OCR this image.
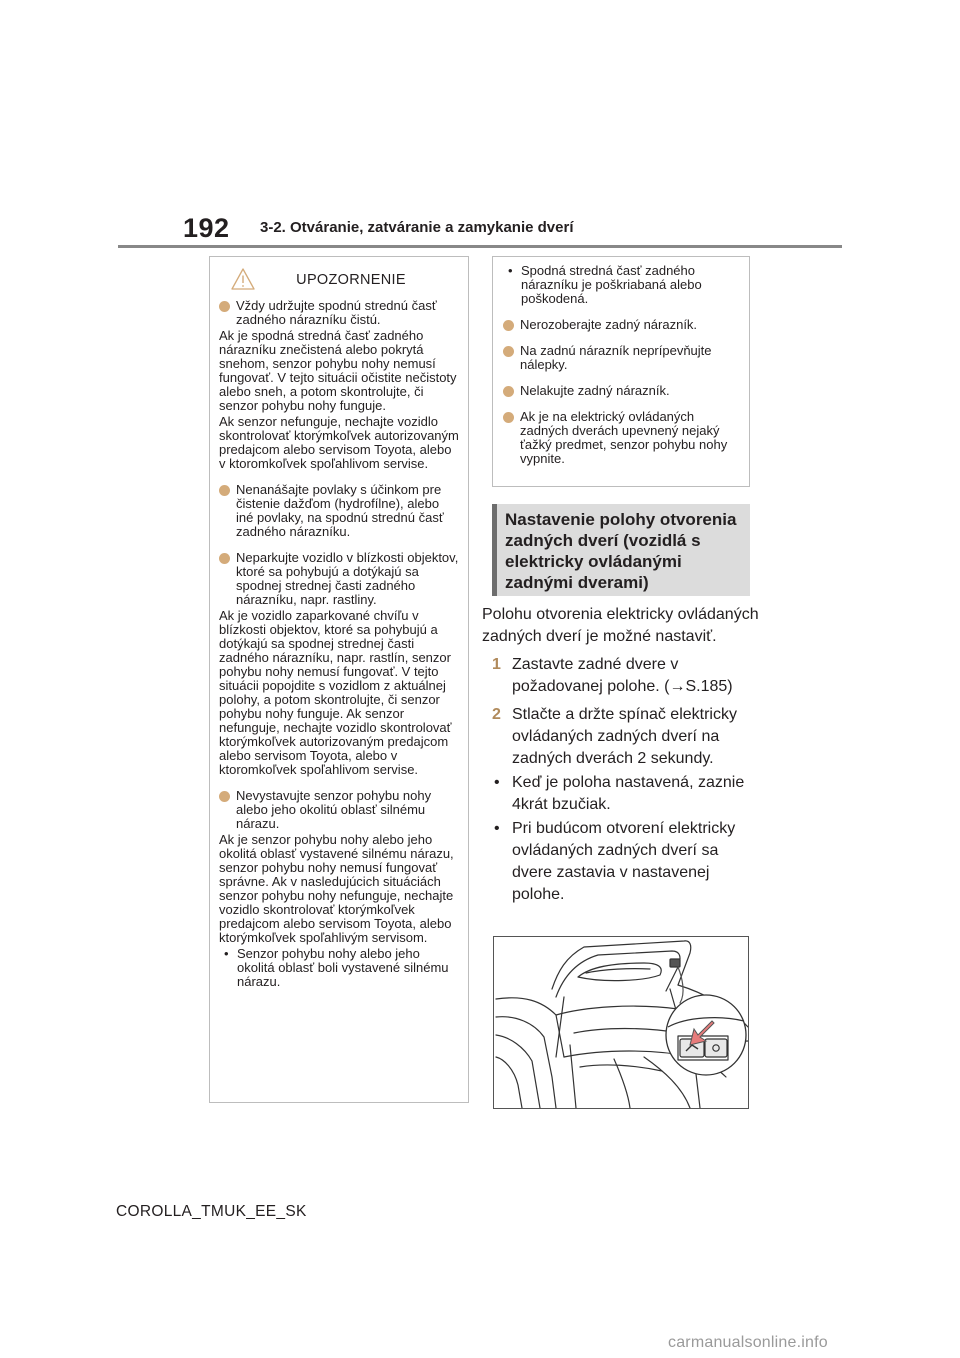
192 3-2. Otváranie, zatváranie a zamykanie dverí
UPOZORNENIE
Vždy udržujte spodnú strednú časť zadného nárazníku čistú.
Ak je spodná stredná časť zadného nárazníku znečistená alebo pokrytá snehom, senzor pohybu nohy nemusí fungovať. V tejto situácii očistite nečistoty alebo sneh, a potom skontrolujte, či senzor pohybu nohy funguje.
Ak senzor nefunguje, nechajte vozidlo skontrolovať ktorýmkoľvek autorizovaným predajcom alebo servisom Toyota, alebo v ktoromkoľvek spoľahlivom servise.
Nenanášajte povlaky s účinkom pre čistenie dažďom (hydrofílne), alebo iné povlaky, na spodnú strednú časť zadného nárazníku.
Neparkujte vozidlo v blízkosti objektov, ktoré sa pohybujú a dotýkajú sa spodnej strednej časti zadného nárazníku, napr. rastliny.
Ak je vozidlo zaparkované chvíľu v blízkosti objektov, ktoré sa pohybujú a dotýkajú sa spodnej strednej časti zadného nárazníku, napr. rastlín, senzor pohybu nohy nemusí fungovať. V tejto situácii popojdite s vozidlom z aktuálnej polohy, a potom skontrolujte, či senzor pohybu nohy funguje. Ak senzor nefunguje, nechajte vozidlo skontrolovať ktorýmkoľvek autorizovaným predajcom alebo servisom Toyota, alebo v ktoromkoľvek spoľahlivom servise.
Nevystavujte senzor pohybu nohy alebo jeho okolitú oblasť silnému nárazu.
Ak je senzor pohybu nohy alebo jeho okolitá oblasť vystavené silnému nárazu, senzor pohybu nohy nemusí fungovať správne. Ak v nasledujúcich situáciách senzor pohybu nohy nefunguje, nechajte vozidlo skontrolovať ktorýmkoľvek predajcom alebo servisom Toyota, alebo ktorýmkoľvek spoľahlivým servisom.
• Senzor pohybu nohy alebo jeho okolitá oblasť boli vystavené silnému nárazu.
• Spodná stredná časť zadného nárazníku je poškriabaná alebo poškodená.
Nerozoberajte zadný nárazník.
Na zadnú nárazník neprípevňujte nálepky.
Nelakujte zadný nárazník.
Ak je na elektrický ovládaných zadných dverách upevnený nejaký ťažký predmet, senzor pohybu nohy vypnite.
Nastavenie polohy otvorenia zadných dverí (vozidlá s elektricky ovládanými zadnými dverami)

Polohu otvorenia elektricky ovládaných zadných dverí je možné nastaviť.

1 Zastavte zadné dvere v požadovanej polohe. (→S.185)
2 Stlačte a držte spínač elektricky ovládaných zadných dverí na zadných dverách 2 sekundy.
• Keď je poloha nastavená, zaznie 4krát bzučiak.
• Pri budúcom otvorení elektricky ovládaných zadných dverí sa dvere zastavia v nastavenej polohe.
COROLLA_TMUK_EE_SK
carmanualsonline.info
